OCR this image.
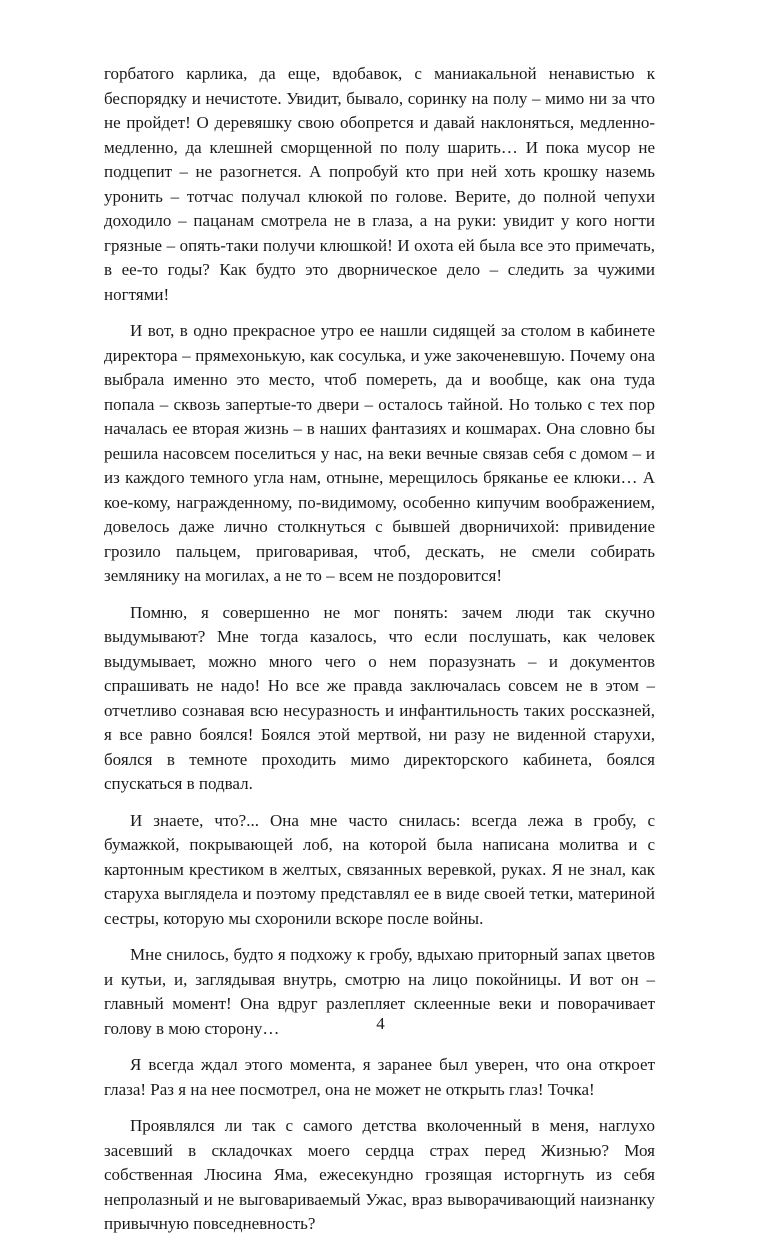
горбатого карлика, да еще, вдобавок, с маниакальной ненавистью к беспорядку и нечистоте. Увидит, бывало, соринку на полу – мимо ни за что не пройдет! О деревяшку свою обопрется и давай наклоняться, медленно-медленно, да клешней сморщенной по полу шарить… И пока мусор не подцепит – не разогнется. А попробуй кто при ней хоть крошку наземь уронить – тотчас получал клюкой по голове. Верите, до полной чепухи доходило – пацанам смотрела не в глаза, а на руки: увидит у кого ногти грязные – опять-таки получи клюшкой! И охота ей была все это примечать, в ее-то годы? Как будто это дворническое дело – следить за чужими ногтями!

И вот, в одно прекрасное утро ее нашли сидящей за столом в кабинете директора – прямехонькую, как сосулька, и уже закоченевшую. Почему она выбрала именно это место, чтоб помереть, да и вообще, как она туда попала – сквозь запертые-то двери – осталось тайной. Но только с тех пор началась ее вторая жизнь – в наших фантазиях и кошмарах. Она словно бы решила насовсем поселиться у нас, на веки вечные связав себя с домом – и из каждого темного угла нам, отныне, мерещилось бряканье ее клюки… А кое-кому, награжденному, по-видимому, особенно кипучим воображением, довелось даже лично столкнуться с бывшей дворничихой: привидение грозило пальцем, приговаривая, чтоб, дескать, не смели собирать землянику на могилах, а не то – всем не поздоровится!

Помню, я совершенно не мог понять: зачем люди так скучно выдумывают? Мне тогда казалось, что если послушать, как человек выдумывает, можно много чего о нем поразузнать – и документов спрашивать не надо! Но все же правда заключалась совсем не в этом – отчетливо сознавая всю несуразность и инфантильность таких россказней, я все равно боялся! Боялся этой мертвой, ни разу не виденной старухи, боялся в темноте проходить мимо директорского кабинета, боялся спускаться в подвал.

И знаете, что?... Она мне часто снилась: всегда лежа в гробу, с бумажкой, покрывающей лоб, на которой была написана молитва и с картонным крестиком в желтых, связанных веревкой, руках. Я не знал, как старуха выглядела и поэтому представлял ее в виде своей тетки, материной сестры, которую мы схоронили вскоре после войны.

Мне снилось, будто я подхожу к гробу, вдыхаю приторный запах цветов и кутьи, и, заглядывая внутрь, смотрю на лицо покойницы. И вот он – главный момент! Она вдруг разлепляет склеенные веки и поворачивает голову в мою сторону…

Я всегда ждал этого момента, я заранее был уверен, что она откроет глаза! Раз я на нее посмотрел, она не может не открыть глаз! Точка!

Проявлялся ли так с самого детства вколоченный в меня, наглухо засевший в складочках моего сердца страх перед Жизнью? Моя собственная Люсина Яма, ежесекундно грозящая исторгнуть из себя непролазный и не выговариваемый Ужас, враз выворачивающий наизнанку привычную повседневность?

4
